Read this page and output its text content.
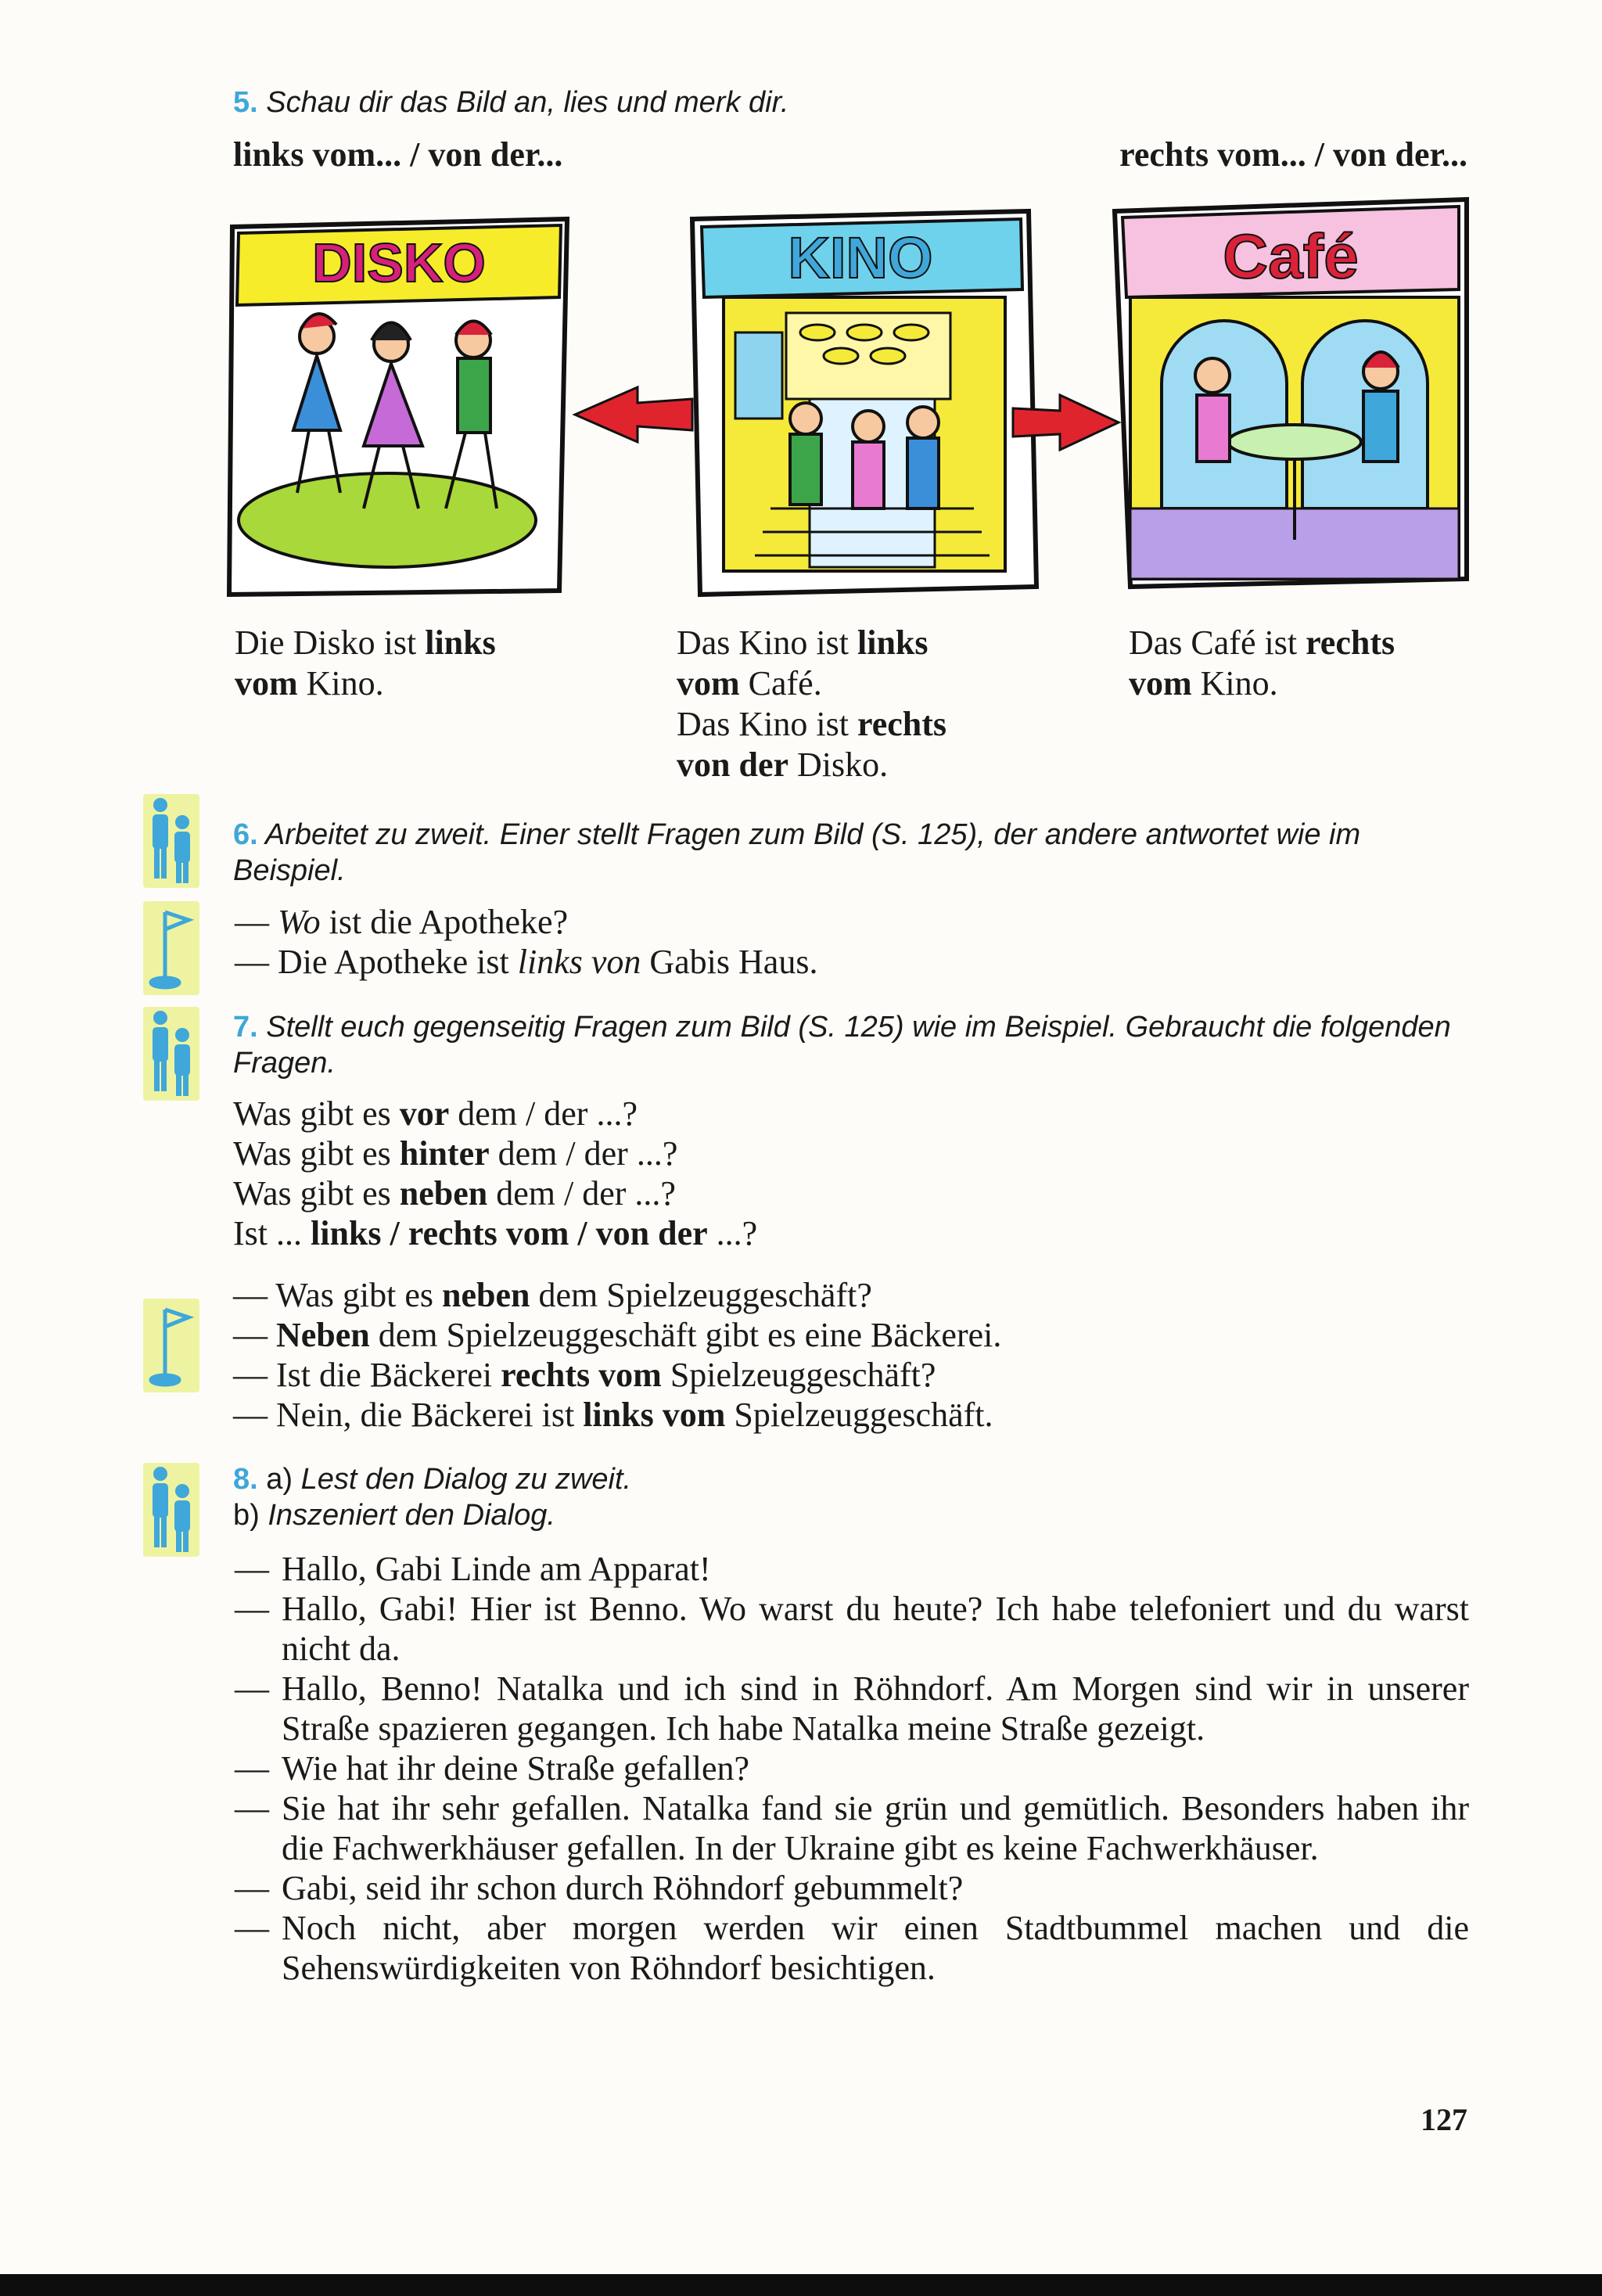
5. Schau dir das Bild an, lies und merk dir.
links vom... / von der...	rechts vom... / von der...
DISKO	KINO	Café
Die Disko ist links
vom Kino.
Das Kino ist links
vom Café.
Das Kino ist rechts
von der Disko.
Das Café ist rechts
vom Kino.
6. Arbeitet zu zweit. Einer stellt Fragen zum Bild (S. 125), der andere antwortet wie im Beispiel.
— Wo ist die Apotheke?
— Die Apotheke ist links von Gabis Haus.
7. Stellt euch gegenseitig Fragen zum Bild (S. 125) wie im Beispiel. Gebraucht die folgenden Fragen.
Was gibt es vor dem / der ...?
Was gibt es hinter dem / der ...?
Was gibt es neben dem / der ...?
Ist ... links / rechts vom / von der ...?
— Was gibt es neben dem Spielzeuggeschäft?
— Neben dem Spielzeuggeschäft gibt es eine Bäckerei.
— Ist die Bäckerei rechts vom Spielzeuggeschäft?
— Nein, die Bäckerei ist links vom Spielzeuggeschäft.
8. a) Lest den Dialog zu zweit.
b) Inszeniert den Dialog.
— Hallo, Gabi Linde am Apparat!
— Hallo, Gabi! Hier ist Benno. Wo warst du heute? Ich habe telefoniert und du warst nicht da.
— Hallo, Benno! Natalka und ich sind in Röhndorf. Am Morgen sind wir in unserer Straße spazieren gegangen. Ich habe Natalka meine Straße gezeigt.
— Wie hat ihr deine Straße gefallen?
— Sie hat ihr sehr gefallen. Natalka fand sie grün und gemütlich. Besonders haben ihr die Fachwerkhäuser gefallen. In der Ukraine gibt es keine Fachwerkhäuser.
— Gabi, seid ihr schon durch Röhndorf gebummelt?
— Noch nicht, aber morgen werden wir einen Stadtbummel machen und die Sehenswürdigkeiten von Röhndorf besichtigen.
127
